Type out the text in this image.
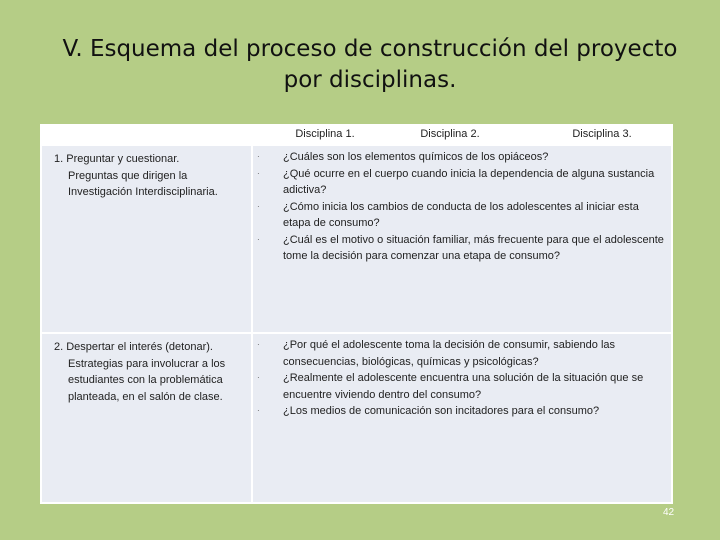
V. Esquema del proceso de construcción del proyecto
por disciplinas.
Disciplina 1.	Disciplina 2.	Disciplina 3.
1. Preguntar y cuestionar.
Preguntas que dirigen la Investigación Interdisciplinaria.
·	¿Cuáles son los elementos químicos de los opiáceos?
·	¿Qué ocurre en el cuerpo cuando inicia la dependencia de alguna sustancia adictiva?
·	¿Cómo inicia los cambios de conducta de los adolescentes al iniciar esta etapa de consumo?
·	¿Cuál es el motivo o situación familiar, más frecuente para que el adolescente tome la decisión para comenzar una etapa de consumo?
2. Despertar el interés (detonar).
Estrategias para involucrar a los estudiantes con la problemática planteada, en el salón de clase.
·	¿Por qué el adolescente toma la decisión de consumir, sabiendo las consecuencias, biológicas, químicas y psicológicas?
·	¿Realmente el adolescente encuentra una solución de la situación que se encuentre viviendo dentro del consumo?
·	¿Los medios de comunicación son incitadores para el consumo?
42
